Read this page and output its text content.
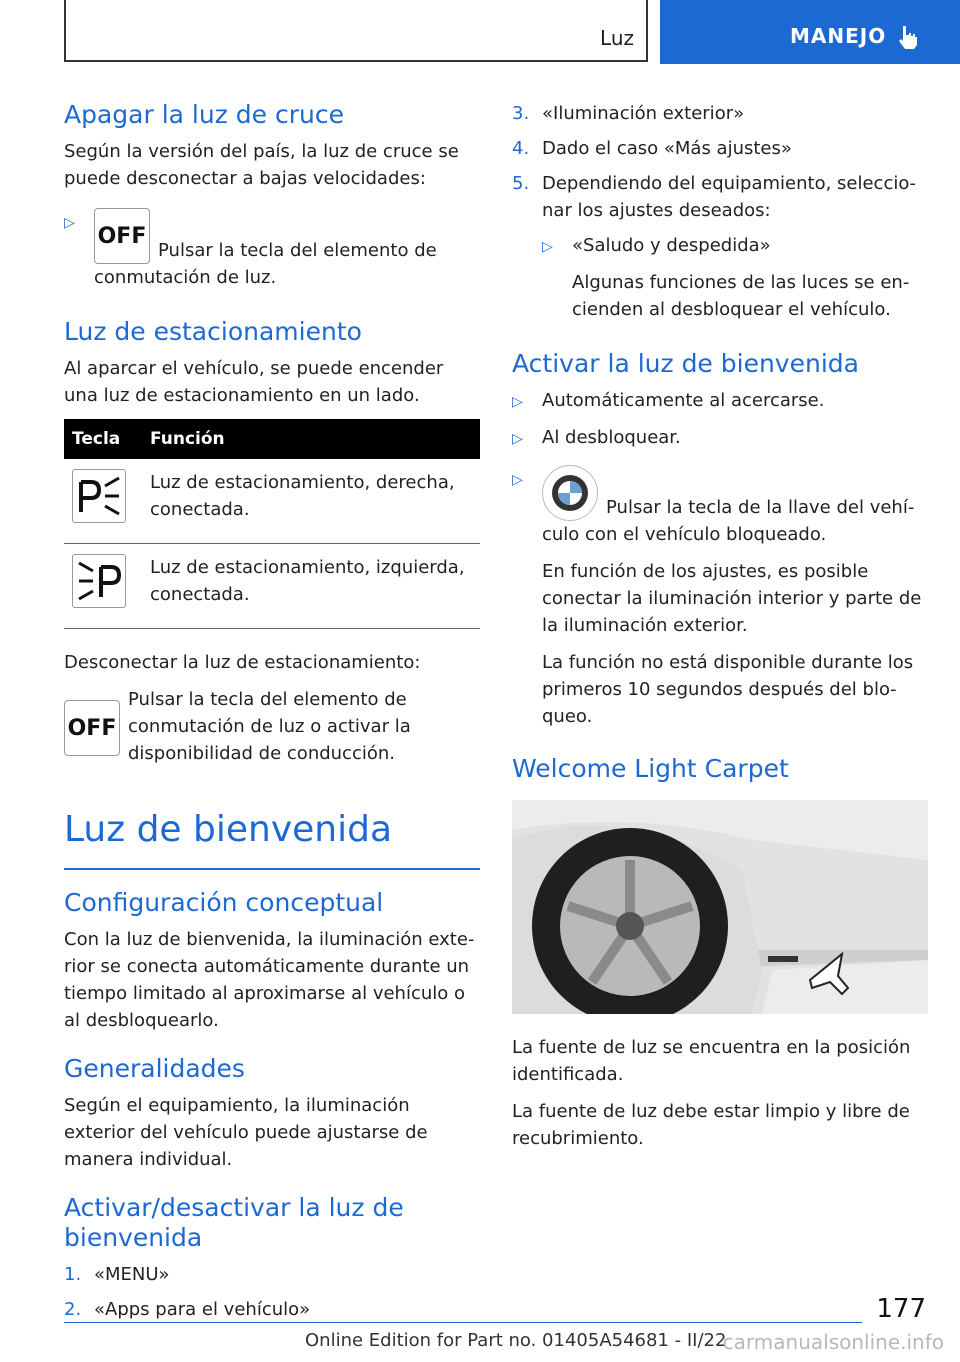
Luz	MANEJO
Apagar la luz de cruce

Según la versión del país, la luz de cruce se puede desconectar a bajas velocidades:

▷
OFFPulsar la tecla del elemento de conmutación de luz.
Luz de estacionamiento

Al aparcar el vehículo, se puede encender una luz de estacionamiento en un lado.

Tecla	Función

	Luz de estacionamiento, derecha, conectada.

	Luz de estacionamiento, izquierda, conectada.

Desconectar la luz de estacionamiento:

OFF
Pulsar la tecla del elemento de conmutación de luz o activar la disponibilidad de conducción.
Luz de bienvenida
Configuración conceptual

Con la luz de bienvenida, la iluminación exterior se conecta automáticamente durante un tiempo limitado al aproximarse al vehículo o al desbloquearlo.

Generalidades

Según el equipamiento, la iluminación exterior del vehículo puede ajustarse de manera individual.

Activar/desactivar la luz de bienvenida
1. «MENU»
2. «Apps para el vehículo»
3. «Iluminación exterior»
4. Dado el caso «Más ajustes»
5. Dependiendo del equipamiento, seleccionar los ajustes deseados:
▷ «Saludo y despedida»

Algunas funciones de las luces se encienden al desbloquear el vehículo.

Activar la luz de bienvenida
▷ Automáticamente al acercarse.
▷ Al desbloquear.
▷
Pulsar la tecla de la llave del vehículo con el vehículo bloqueado.

En función de los ajustes, es posible conectar la iluminación interior y parte de la iluminación exterior.

La función no está disponible durante los primeros 10 segundos después del bloqueo.

Welcome Light Carpet

La fuente de luz se encuentra en la posición identificada.

La fuente de luz debe estar limpio y libre de recubrimiento.

177
Online Edition for Part no. 01405A54681 - II/22
carmanualsonline.info
